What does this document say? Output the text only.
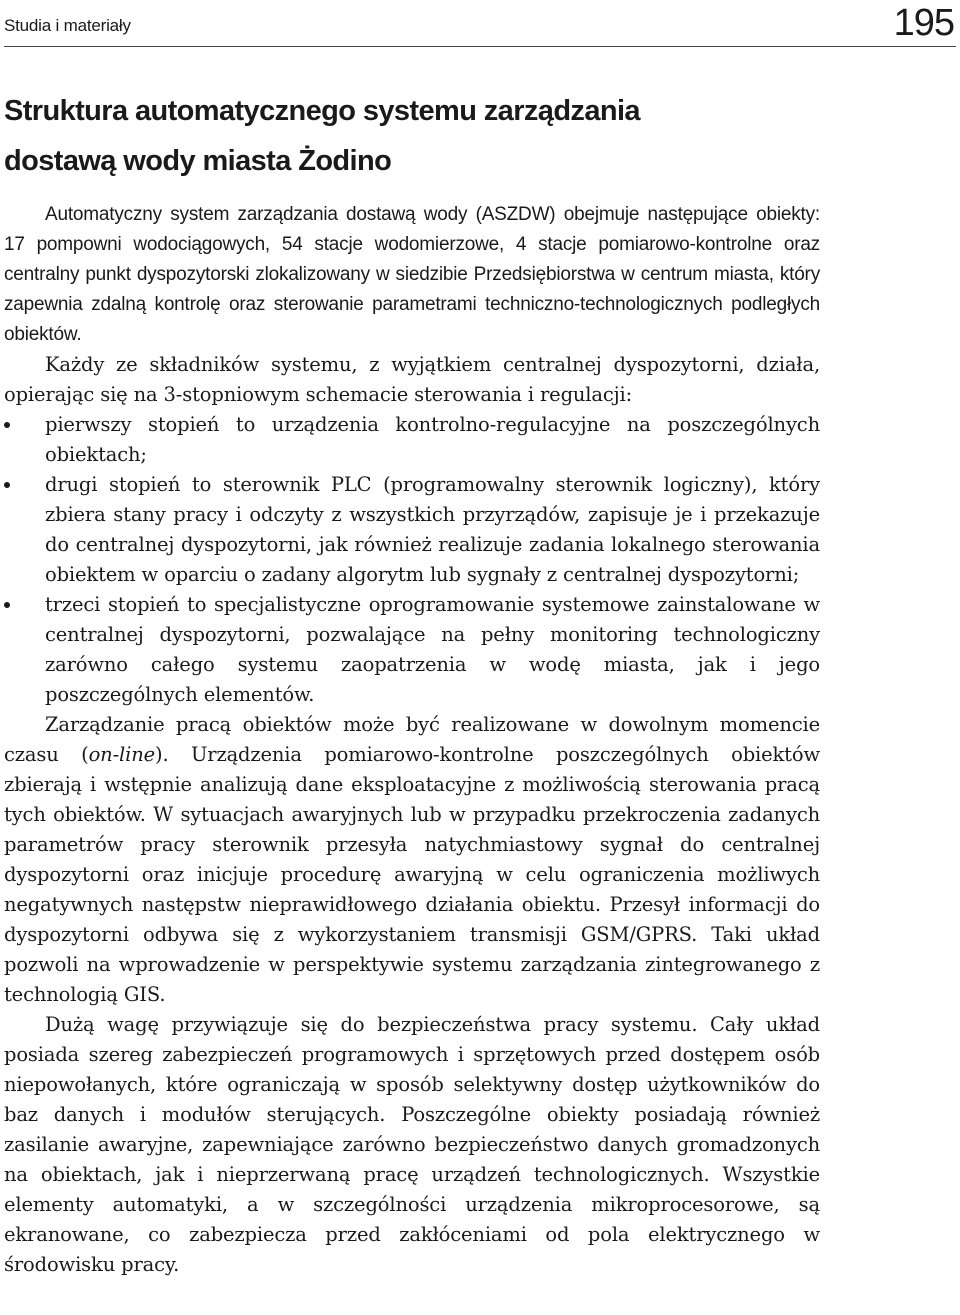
Studia i materiały	195
Struktura automatycznego systemu zarządzania
dostawą wody miasta Żodino

Automatyczny system zarządzania dostawą wody (ASZDW) obejmuje następujące obiekty: 17 pompowni wodociągowych, 54 stacje wodomierzowe, 4 stacje pomiarowo-kontrolne oraz centralny punkt dyspozytorski zlokalizowany w siedzibie Przedsiębiorstwa w centrum miasta, który zapewnia zdalną kontrolę oraz sterowanie parametrami techniczno-technologicznych podległych obiektów.

Każdy ze składników systemu, z wyjątkiem centralnej dyspozytorni, działa, opierając się na 3-stopniowym schemacie sterowania i regulacji:

pierwszy stopień to urządzenia kontrolno-regulacyjne na poszczególnych obiektach;
drugi stopień to sterownik PLC (programowalny sterownik logiczny), który zbiera stany pracy i odczyty z wszystkich przyrządów, zapisuje je i przekazuje do centralnej dyspozytorni, jak również realizuje zadania lokalnego sterowania obiektem w oparciu o zadany algorytm lub sygnały z centralnej dyspozytorni;
trzeci stopień to specjalistyczne oprogramowanie systemowe zainstalowane w centralnej dyspozytorni, pozwalające na pełny monitoring technologiczny zarówno całego systemu zaopatrzenia w wodę miasta, jak i jego poszczególnych elementów.

Zarządzanie pracą obiektów może być realizowane w dowolnym momencie czasu (on-line). Urządzenia pomiarowo-kontrolne poszczególnych obiektów zbierają i wstępnie analizują dane eksploatacyjne z możliwością sterowania pracą tych obiektów. W sytuacjach awaryjnych lub w przypadku przekroczenia zadanych parametrów pracy sterownik przesyła natychmiastowy sygnał do centralnej dyspozytorni oraz inicjuje procedurę awaryjną w celu ograniczenia możliwych negatywnych następstw nieprawidłowego działania obiektu. Przesył informacji do dyspozytorni odbywa się z wykorzystaniem transmisji GSM/GPRS. Taki układ pozwoli na wprowadzenie w perspektywie systemu zarządzania zintegrowanego z technologią GIS.

Dużą wagę przywiązuje się do bezpieczeństwa pracy systemu. Cały układ posiada szereg zabezpieczeń programowych i sprzętowych przed dostępem osób niepowołanych, które ograniczają w sposób selektywny dostęp użytkowników do baz danych i modułów sterujących. Poszczególne obiekty posiadają również zasilanie awaryjne, zapewniające zarówno bezpieczeństwo danych gromadzonych na obiektach, jak i nieprzerwaną pracę urządzeń technologicznych. Wszystkie elementy automatyki, a w szczególności urządzenia mikroprocesorowe, są ekranowane, co zabezpiecza przed zakłóceniami od pola elektrycznego w środowisku pracy.
